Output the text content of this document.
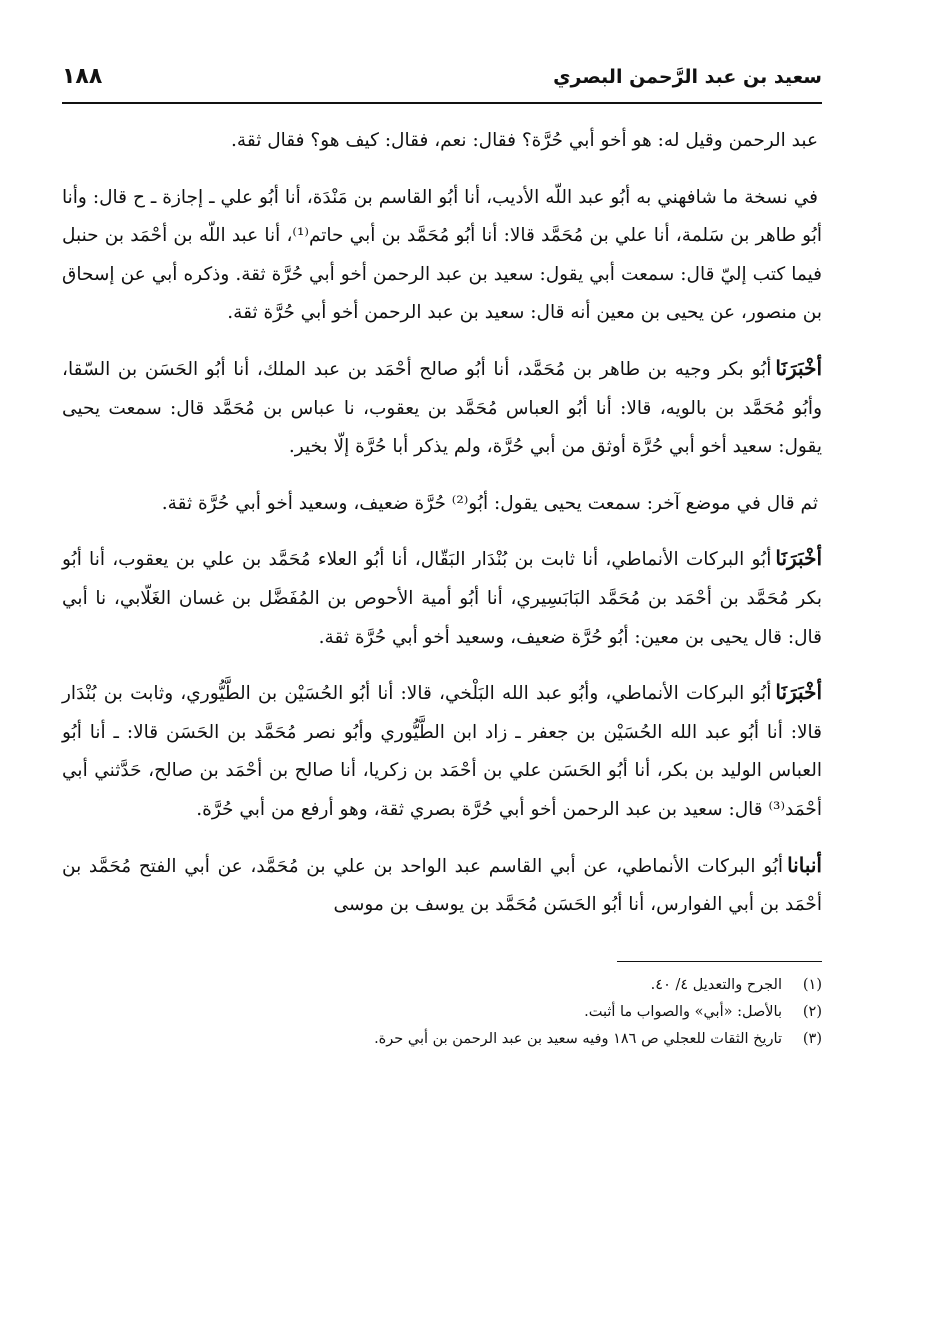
سعيد بن عبد الرَّحمن البصري
١٨٨

عبد الرحمن وقيل له: هو أخو أبي حُرَّة؟ فقال: نعم، فقال: كيف هو؟ فقال ثقة.

في نسخة ما شافهني به أبُو عبد اللّه الأديب، أنا أبُو القاسم بن مَنْدَة، أنا أبُو علي ـ إجازة ـ ح قال: وأنا أبُو طاهر بن سَلمة، أنا علي بن مُحَمَّد قالا: أنا أبُو مُحَمَّد بن أبي حاتم⁽¹⁾، أنا عبد اللّه بن أحْمَد بن حنبل فيما كتب إليّ قال: سمعت أبي يقول: سعيد بن عبد الرحمن أخو أبي حُرَّة ثقة. وذكره أبي عن إسحاق بن منصور، عن يحيى بن معين أنه قال: سعيد بن عبد الرحمن أخو أبي حُرَّة ثقة.

أخْبَرَنَاأبُو بكر وجيه بن طاهر بن مُحَمَّد، أنا أبُو صالح أحْمَد بن عبد الملك، أنا أبُو الحَسَن بن السّقا، وأبُو مُحَمَّد بن بالويه، قالا: أنا أبُو العباس مُحَمَّد بن يعقوب، نا عباس بن مُحَمَّد قال: سمعت يحيى يقول: سعيد أخو أبي حُرَّة أوثق من أبي حُرَّة، ولم يذكر أبا حُرَّة إلّا بخير.

ثم قال في موضع آخر: سمعت يحيى يقول: أبُو⁽²⁾ حُرَّة ضعيف، وسعيد أخو أبي حُرَّة ثقة.

أخْبَرَنَاأبُو البركات الأنماطي، أنا ثابت بن بُنْدَار البَقّال، أنا أبُو العلاء مُحَمَّد بن علي بن يعقوب، أنا أبُو بكر مُحَمَّد بن أحْمَد بن مُحَمَّد البَابَسِيري، أنا أبُو أمية الأحوص بن المُفَضَّل بن غسان الغَلّابي، نا أبي قال: قال يحيى بن معين: أبُو حُرَّة ضعيف، وسعيد أخو أبي حُرَّة ثقة.

أخْبَرَنَاأبُو البركات الأنماطي، وأبُو عبد الله البَلْخي، قالا: أنا أبُو الحُسَيْن بن الطَّيُّوري، وثابت بن بُنْدَار قالا: أنا أبُو عبد الله الحُسَيْن بن جعفر ـ زاد ابن الطَّيُّوري وأبُو نصر مُحَمَّد بن الحَسَن قالا: ـ أنا أبُو العباس الوليد بن بكر، أنا أبُو الحَسَن علي بن أحْمَد بن زكريا، أنا صالح بن أحْمَد بن صالح، حَدَّثني أبي أحْمَد⁽³⁾ قال: سعيد بن عبد الرحمن أخو أبي حُرَّة بصري ثقة، وهو أرفع من أبي حُرَّة.

أنباناأبُو البركات الأنماطي، عن أبي القاسم عبد الواحد بن علي بن مُحَمَّد، عن أبي الفتح مُحَمَّد بن أحْمَد بن أبي الفوارس، أنا أبُو الحَسَن مُحَمَّد بن يوسف بن موسى

(١)
الجرح والتعديل ٤/ ٤٠.
(٢)
بالأصل: «أبي» والصواب ما أثبت.
(٣)
تاريخ الثقات للعجلي ص ١٨٦ وفيه سعيد بن عبد الرحمن بن أبي حرة.
